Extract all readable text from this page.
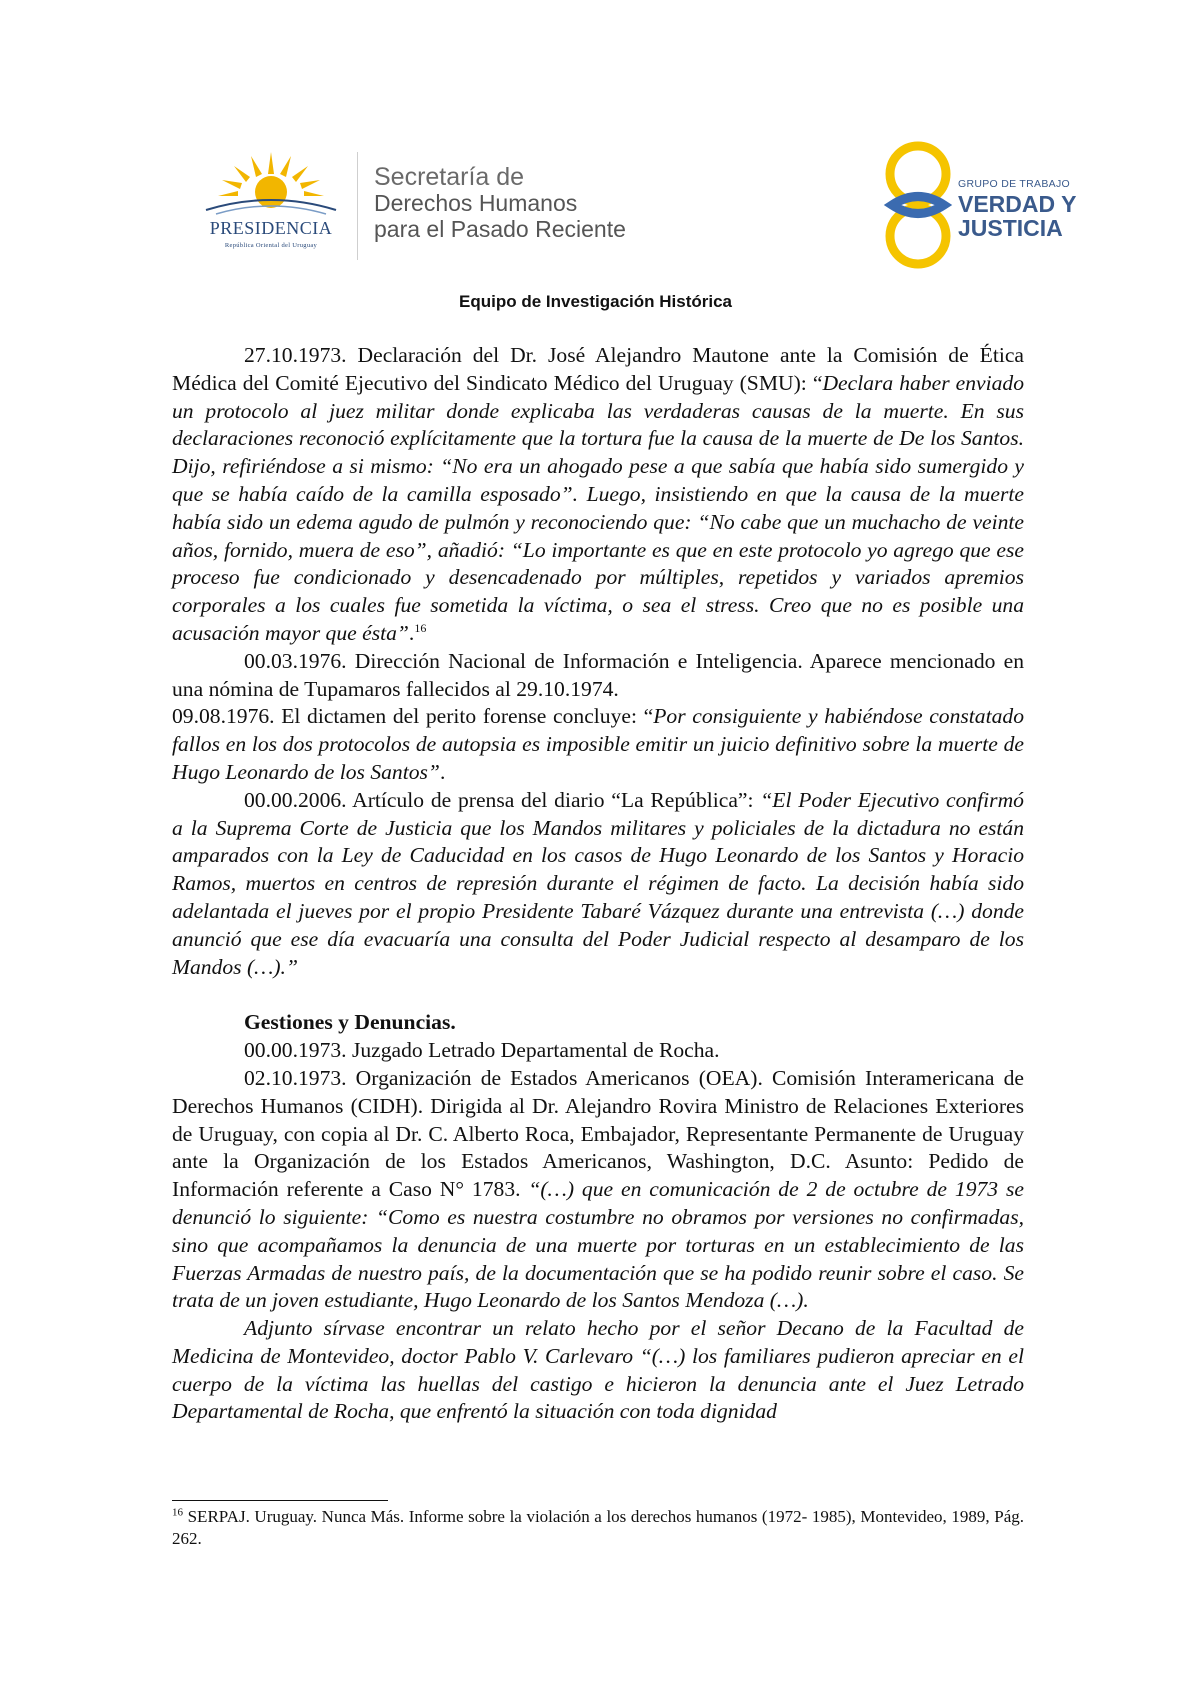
PRESIDENCIA
República Oriental del Uruguay
Secretaría de
Derechos Humanos
para el Pasado Reciente
GRUPO DE TRABAJO
VERDAD Y
JUSTICIA
Equipo de Investigación Histórica

27.10.1973. Declaración del Dr. José Alejandro Mautone ante la Comisión de Ética Médica del Comité Ejecutivo del Sindicato Médico del Uruguay (SMU): “Declara haber enviado un protocolo al juez militar donde explicaba las verdaderas causas de la muerte. En sus declaraciones reconoció explícitamente que la tortura fue la causa de la muerte de De los Santos. Dijo, refiriéndose a si mismo: “No era un ahogado pese a que sabía que había sido sumergido y que se había caído de la camilla esposado”. Luego, insistiendo en que la causa de la muerte había sido un edema agudo de pulmón y reconociendo que: “No cabe que un muchacho de veinte años, fornido, muera de eso”, añadió: “Lo importante es que en este protocolo yo agrego que ese proceso fue condicionado y desencadenado por múltiples, repetidos y variados apremios corporales a los cuales fue sometida la víctima, o sea el stress. Creo que no es posible una acusación mayor que ésta”.$^{16}$

00.03.1976. Dirección Nacional de Información e Inteligencia. Aparece mencionado en una nómina de Tupamaros fallecidos al 29.10.1974.

09.08.1976. El dictamen del perito forense concluye: “Por consiguiente y habiéndose constatado fallos en los dos protocolos de autopsia es imposible emitir un juicio definitivo sobre la muerte de Hugo Leonardo de los Santos”.

00.00.2006. Artículo de prensa del diario “La República”: “El Poder Ejecutivo confirmó a la Suprema Corte de Justicia que los Mandos militares y policiales de la dictadura no están amparados con la Ley de Caducidad en los casos de Hugo Leonardo de los Santos y Horacio Ramos, muertos en centros de represión durante el régimen de facto. La decisión había sido adelantada el jueves por el propio Presidente Tabaré Vázquez durante una entrevista (…) donde anunció que ese día evacuaría una consulta del Poder Judicial respecto al desamparo de los Mandos (…).”

Gestiones y Denuncias.

00.00.1973. Juzgado Letrado Departamental de Rocha.

02.10.1973. Organización de Estados Americanos (OEA). Comisión Interamericana de Derechos Humanos (CIDH). Dirigida al Dr. Alejandro Rovira Ministro de Relaciones Exteriores de Uruguay, con copia al Dr. C. Alberto Roca, Embajador, Representante Permanente de Uruguay ante la Organización de los Estados Americanos, Washington, D.C. Asunto: Pedido de Información referente a Caso N° 1783. “(…) que en comunicación de 2 de octubre de 1973 se denunció lo siguiente: “Como es nuestra costumbre no obramos por versiones no confirmadas, sino que acompañamos la denuncia de una muerte por torturas en un establecimiento de las Fuerzas Armadas de nuestro país, de la documentación que se ha podido reunir sobre el caso. Se trata de un joven estudiante, Hugo Leonardo de los Santos Mendoza (…).

Adjunto sírvase encontrar un relato hecho por el señor Decano de la Facultad de Medicina de Montevideo, doctor Pablo V. Carlevaro “(…) los familiares pudieron apreciar en el cuerpo de la víctima las huellas del castigo e hicieron la denuncia ante el Juez Letrado Departamental de Rocha, que enfrentó la situación con toda dignidad

$^{16}$ SERPAJ. Uruguay. Nunca Más. Informe sobre la violación a los derechos humanos (1972- 1985), Montevideo, 1989, Pág. 262.
